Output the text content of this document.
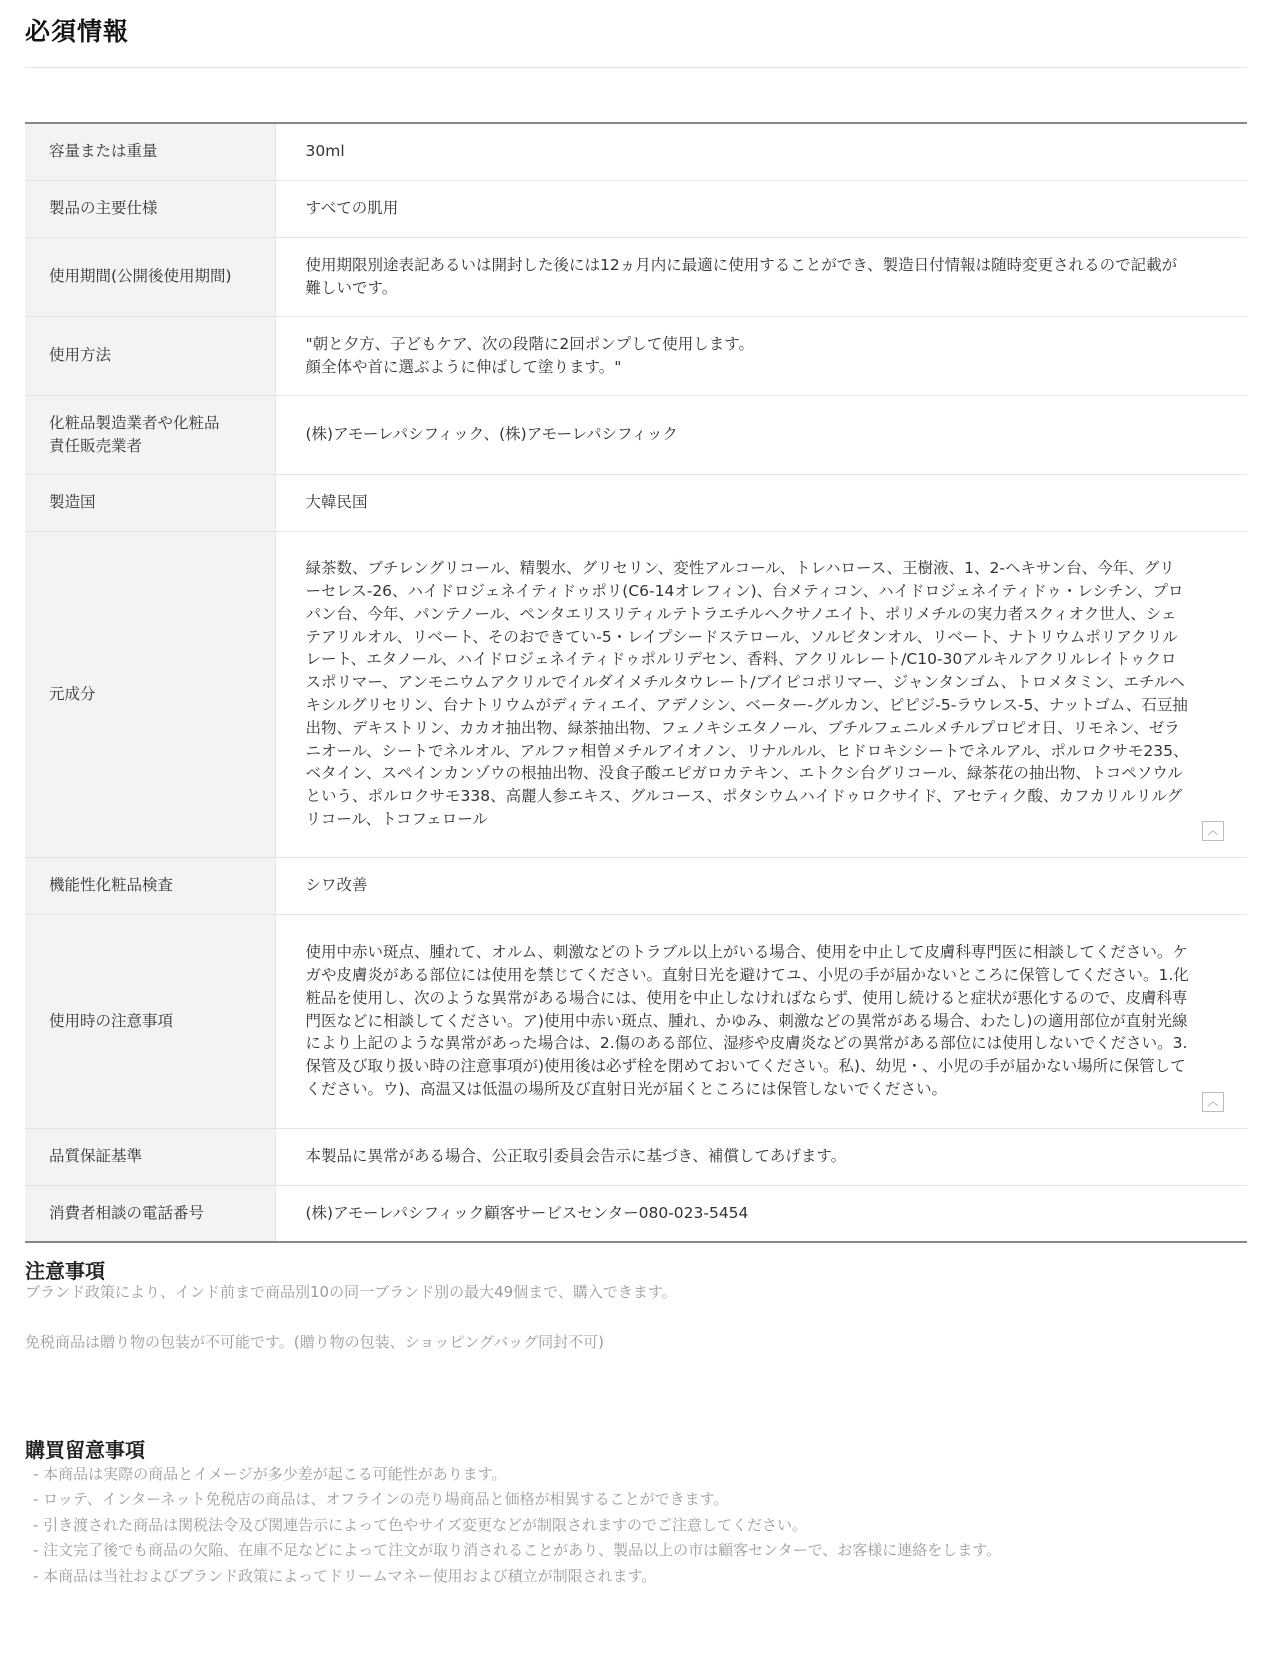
必須情報
容量または重量	30ml

製品の主要仕様	すべての肌用

使用期間(公開後使用期間)	使用期限別途表記あるいは開封した後には12ヵ月内に最適に使用することができ、製造日付情報は随時変更されるので記載が難しいです。

使用方法	"朝と夕方、子どもケア、次の段階に2回ポンプして使用します。
顔全体や首に選ぶように伸ばして塗ります。"

化粧品製造業者や化粧品責任販売業者	(株)アモーレパシフィック、(株)アモーレパシフィック

製造国	大韓民国

元成分	緑茶数、ブチレングリコール、精製水、グリセリン、変性アルコール、トレハロース、王樹液、1、2-ヘキサン台、今年、グリーセレス-26、ハイドロジェネイティドゥポリ(C6-14オレフィン)、台メティコン、ハイドロジェネイティドゥ・レシチン、プロパン台、今年、パンテノール、ペンタエリスリティルテトラエチルヘクサノエイト、ポリメチルの実力者スクィオク世人、シェテアリルオル、リベート、そのおできてい-5・レイプシードステロール、ソルビタンオル、リベート、ナトリウムポリアクリルレート、エタノール、ハイドロジェネイティドゥポルリデセン、香料、アクリルレート/C10-30アルキルアクリルレイトゥクロスポリマー、アンモニウムアクリルでイルダイメチルタウレート/ブイピコポリマー、ジャンタンゴム、トロメタミン、エチルヘキシルグリセリン、台ナトリウムがディティエイ、アデノシン、ベーター-グルカン、ピピジ-5-ラウレス-5、ナットゴム、石豆抽出物、デキストリン、カカオ抽出物、緑茶抽出物、フェノキシエタノール、ブチルフェニルメチルプロピオ日、リモネン、ゼラニオール、シートでネルオル、アルファ相曽メチルアイオノン、リナルルル、ヒドロキシシートでネルアル、ポルロクサモ235、ベタイン、スペインカンゾウの根抽出物、没食子酸エピガロカテキン、エトクシ台グリコール、緑茶花の抽出物、トコペソウルという、ポルロクサモ338、高麗人参エキス、グルコース、ポタシウムハイドゥロクサイド、アセティク酸、カフカリルリルグリコール、トコフェロール
︿

機能性化粧品検査	シワ改善

使用時の注意事項	使用中赤い斑点、腫れて、オルム、刺激などのトラブル以上がいる場合、使用を中止して皮膚科専門医に相談してください。ケガや皮膚炎がある部位には使用を禁じてください。直射日光を避けてユ、小児の手が届かないところに保管してください。1.化粧品を使用し、次のような異常がある場合には、使用を中止しなければならず、使用し続けると症状が悪化するので、皮膚科専門医などに相談してください。ア)使用中赤い斑点、腫れ、かゆみ、刺激などの異常がある場合、わたし)の適用部位が直射光線により上記のような異常があった場合は、2.傷のある部位、湿疹や皮膚炎などの異常がある部位には使用しないでください。3.保管及び取り扱い時の注意事項が)使用後は必ず栓を閉めておいてください。私)、幼児・、小児の手が届かない場所に保管してください。ウ)、高温又は低温の場所及び直射日光が届くところには保管しないでください。
︿

品質保証基準	本製品に異常がある場合、公正取引委員会告示に基づき、補償してあげます。

消費者相談の電話番号	(株)アモーレパシフィック顧客サービスセンター080-023-5454
注意事項

ブランド政策により、インド前まで商品別10の同一ブランド別の最大49個まで、購入できます。

免税商品は贈り物の包装が不可能です。(贈り物の包装、ショッピングバッグ同封不可)

購買留意事項
- 本商品は実際の商品とイメージが多少差が起こる可能性があります。
- ロッテ、インターネット免税店の商品は、オフラインの売り場商品と価格が相異することができます。
- 引き渡された商品は関税法令及び関連告示によって色やサイズ変更などが制限されますのでご注意してください。
- 注文完了後でも商品の欠陥、在庫不足などによって注文が取り消されることがあり、製品以上の市は顧客センターで、お客様に連絡をします。
- 本商品は当社およびブランド政策によってドリームマネー使用および積立が制限されます。
